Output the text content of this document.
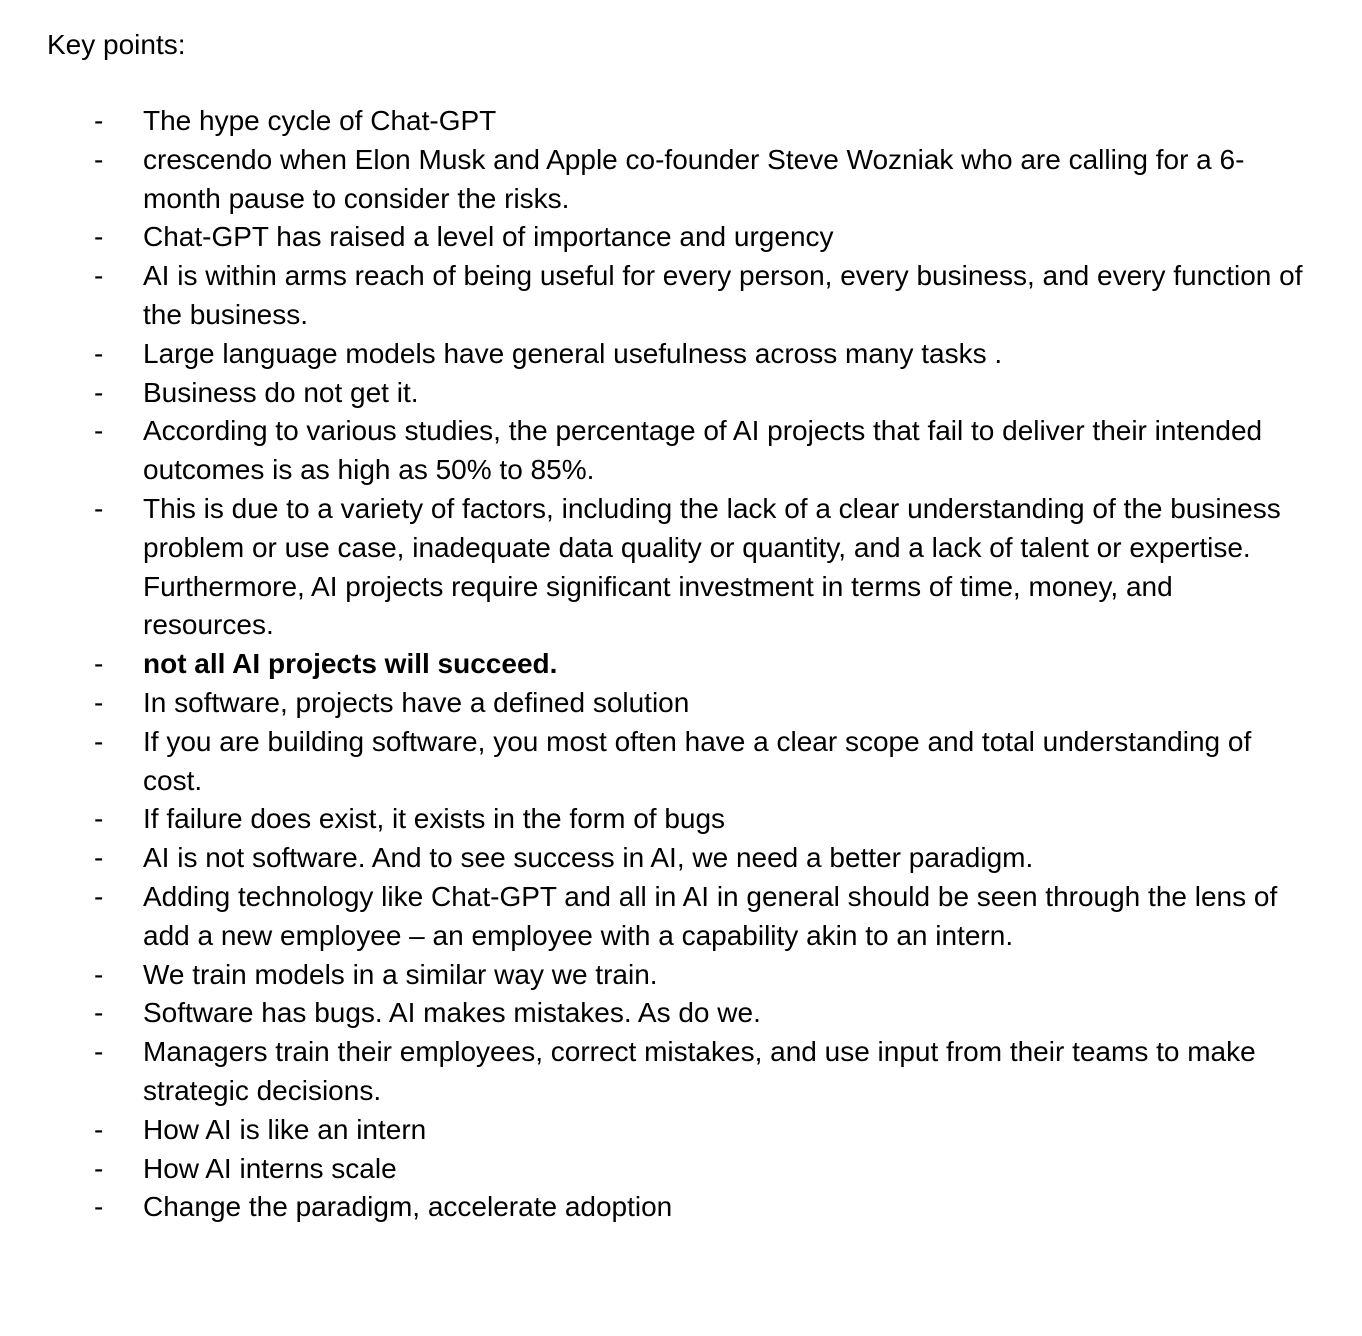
Key points:
- The hype cycle of Chat-GPT
- crescendo when Elon Musk and Apple co-founder Steve Wozniak who are calling for a 6-month pause to consider the risks.
- Chat-GPT has raised a level of importance and urgency
- AI is within arms reach of being useful for every person, every business, and every function of the business.
- Large language models have general usefulness across many tasks .
- Business do not get it.
- According to various studies, the percentage of AI projects that fail to deliver their intended outcomes is as high as 50% to 85%.
- This is due to a variety of factors, including the lack of a clear understanding of the business problem or use case, inadequate data quality or quantity, and a lack of talent or expertise. Furthermore, AI projects require significant investment in terms of time, money, and resources.
- not all AI projects will succeed.
- In software, projects have a defined solution
- If you are building software, you most often have a clear scope and total understanding of cost.
- If failure does exist, it exists in the form of bugs
- AI is not software. And to see success in AI, we need a better paradigm.
- Adding technology like Chat-GPT and all in AI in general should be seen through the lens of add a new employee – an employee with a capability akin to an intern.
- We train models in a similar way we train.
- Software has bugs. AI makes mistakes. As do we.
- Managers train their employees, correct mistakes, and use input from their teams to make strategic decisions.
- How AI is like an intern
- How AI interns scale
- Change the paradigm, accelerate adoption
